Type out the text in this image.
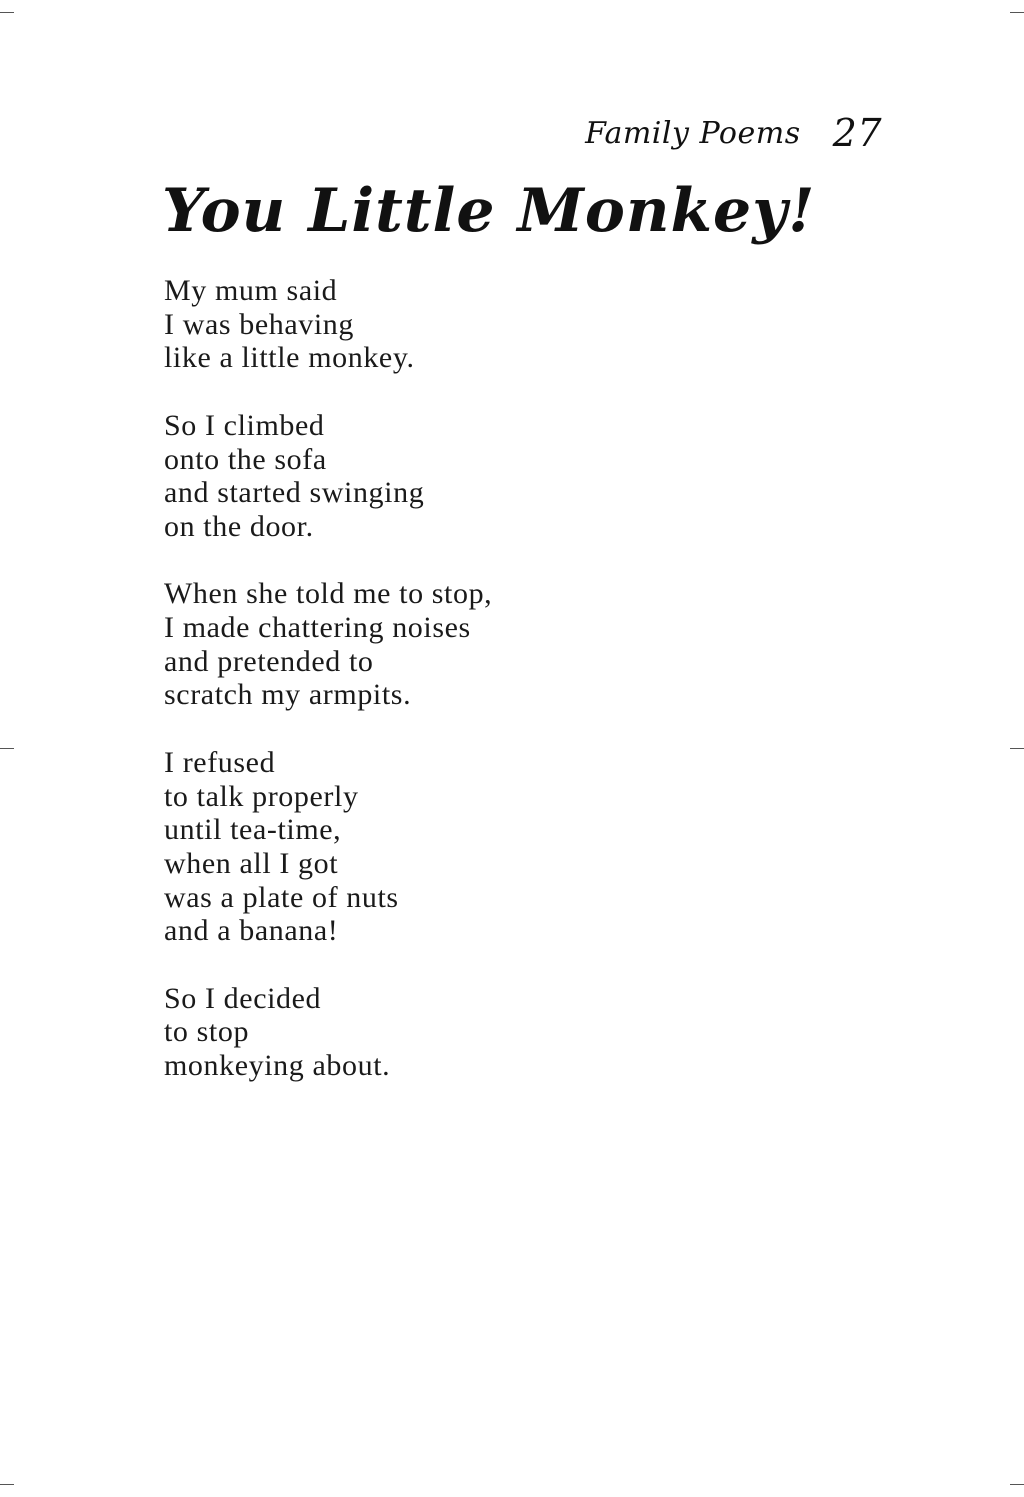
Family Poems 27
You Little Monkey!
My mum said
I was behaving
like a little monkey.
So I climbed
onto the sofa
and started swinging
on the door.
When she told me to stop,
I made chattering noises
and pretended to
scratch my armpits.
I refused
to talk properly
until tea-time,
when all I got
was a plate of nuts
and a banana!
So I decided
to stop
monkeying about.
